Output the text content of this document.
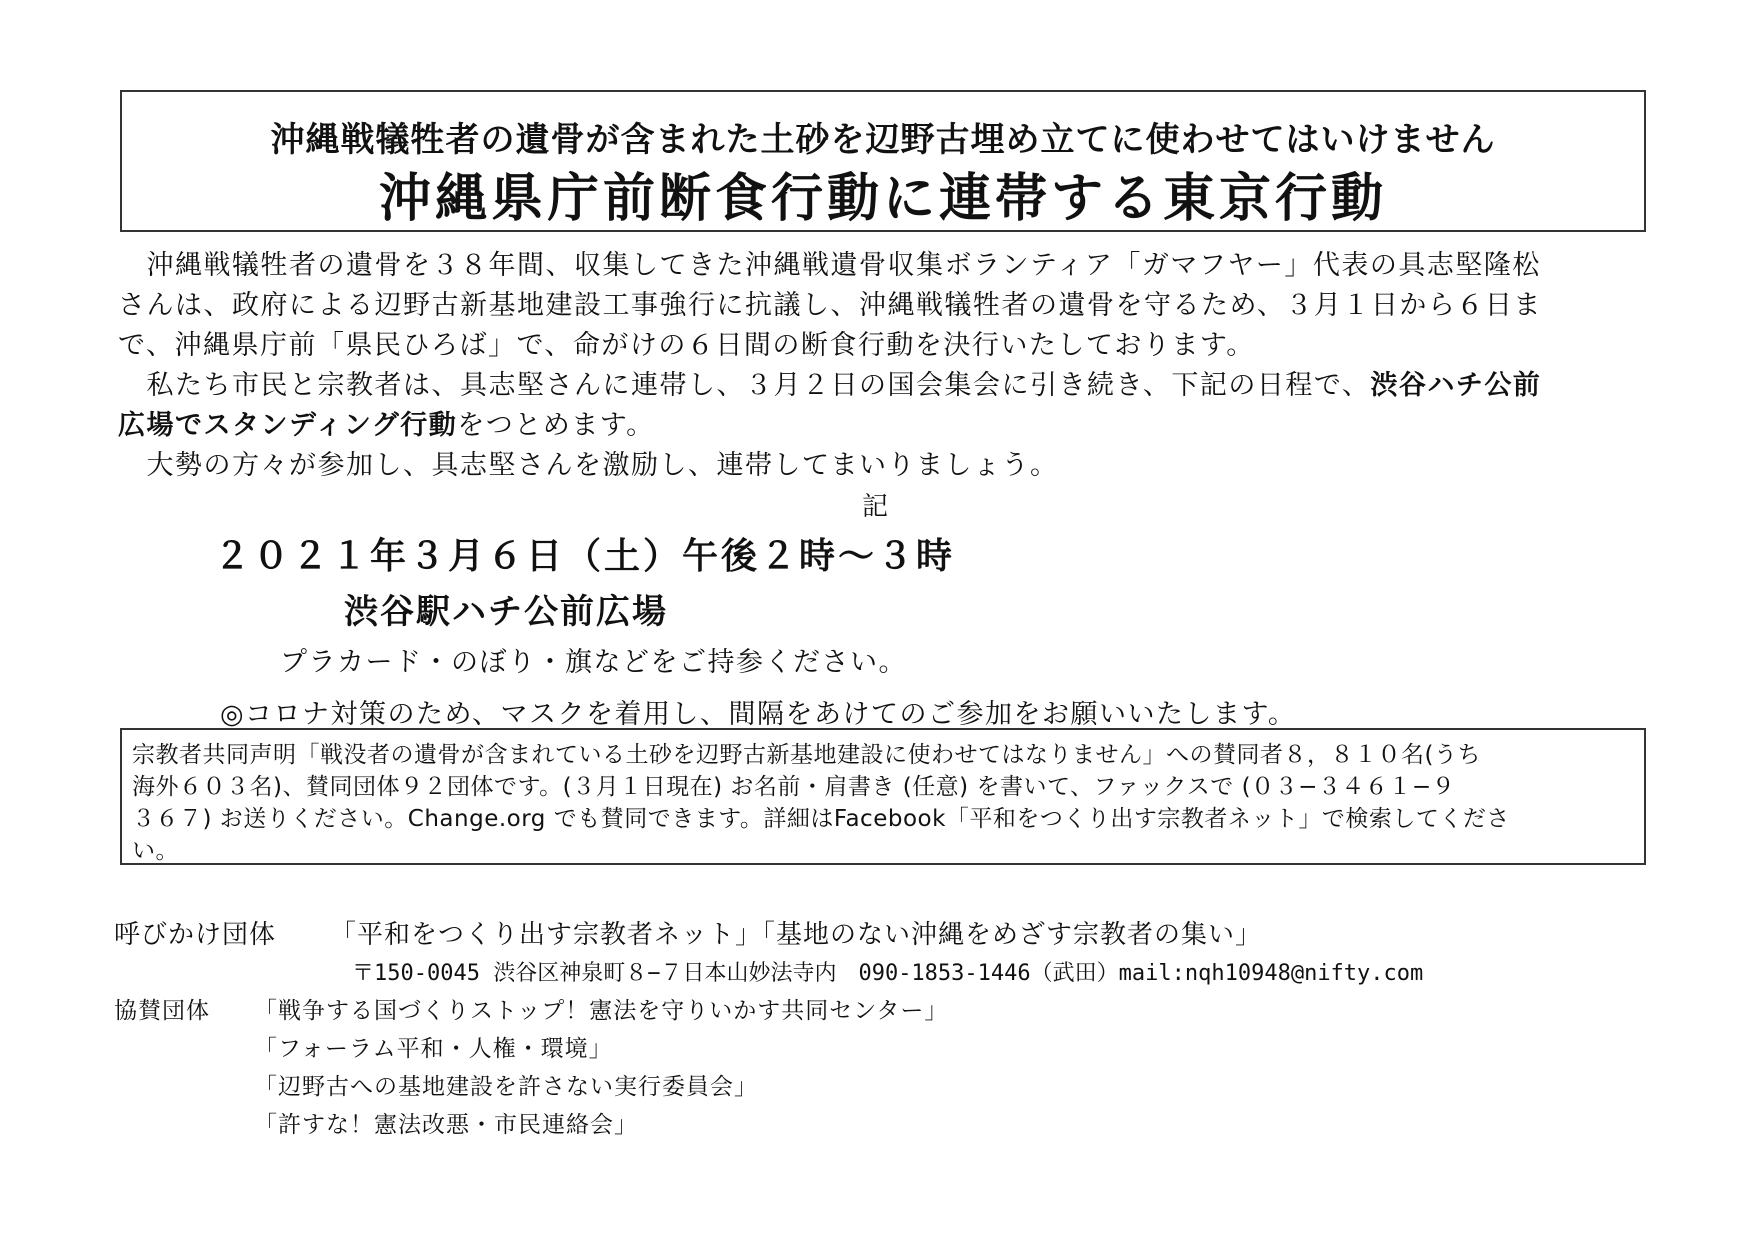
沖縄戦犠牲者の遺骨が含まれた土砂を辺野古埋め立てに使わせてはいけません
沖縄県庁前断食行動に連帯する東京行動
　沖縄戦犠牲者の遺骨を３８年間、収集してきた沖縄戦遺骨収集ボランティア「ガマフヤー」代表の具志堅隆松
さんは、政府による辺野古新基地建設工事強行に抗議し、沖縄戦犠牲者の遺骨を守るため、３月１日から６日ま
で、沖縄県庁前「県民ひろば」で、命がけの６日間の断食行動を決行いたしております。
　私たち市民と宗教者は、具志堅さんに連帯し、３月２日の国会集会に引き続き、下記の日程で、渋谷ハチ公前
広場でスタンディング行動をつとめます。
　大勢の方々が参加し、具志堅さんを激励し、連帯してまいりましょう。
記
２０２１年３月６日（土）午後２時～３時
渋谷駅ハチ公前広場
プラカード・のぼり・旗などをご持参ください。
◎コロナ対策のため、マスクを着用し、間隔をあけてのご参加をお願いいたします。
宗教者共同声明「戦没者の遺骨が含まれている土砂を辺野古新基地建設に使わせてはなりません」への賛同者８，８１０名(うち
海外６０３名)、賛同団体９２団体です。(３月１日現在) お名前・肩書き (任意) を書いて、ファックスで (０３−３４６１−９
３６７) お送りください。Change.org でも賛同できます。詳細はFacebook「平和をつくり出す宗教者ネット」で検索してくださ
い。
呼びかけ団体 「平和をつくり出す宗教者ネット」「基地のない沖縄をめざす宗教者の集い」
〒150-0045 渋谷区神泉町８−７日本山妙法寺内　090-1853-1446（武田）mail:nqh10948@nifty.com
協賛団体 「戦争する国づくりストップ！憲法を守りいかす共同センター」
「フォーラム平和・人権・環境」
「辺野古への基地建設を許さない実行委員会」
「許すな！憲法改悪・市民連絡会」
